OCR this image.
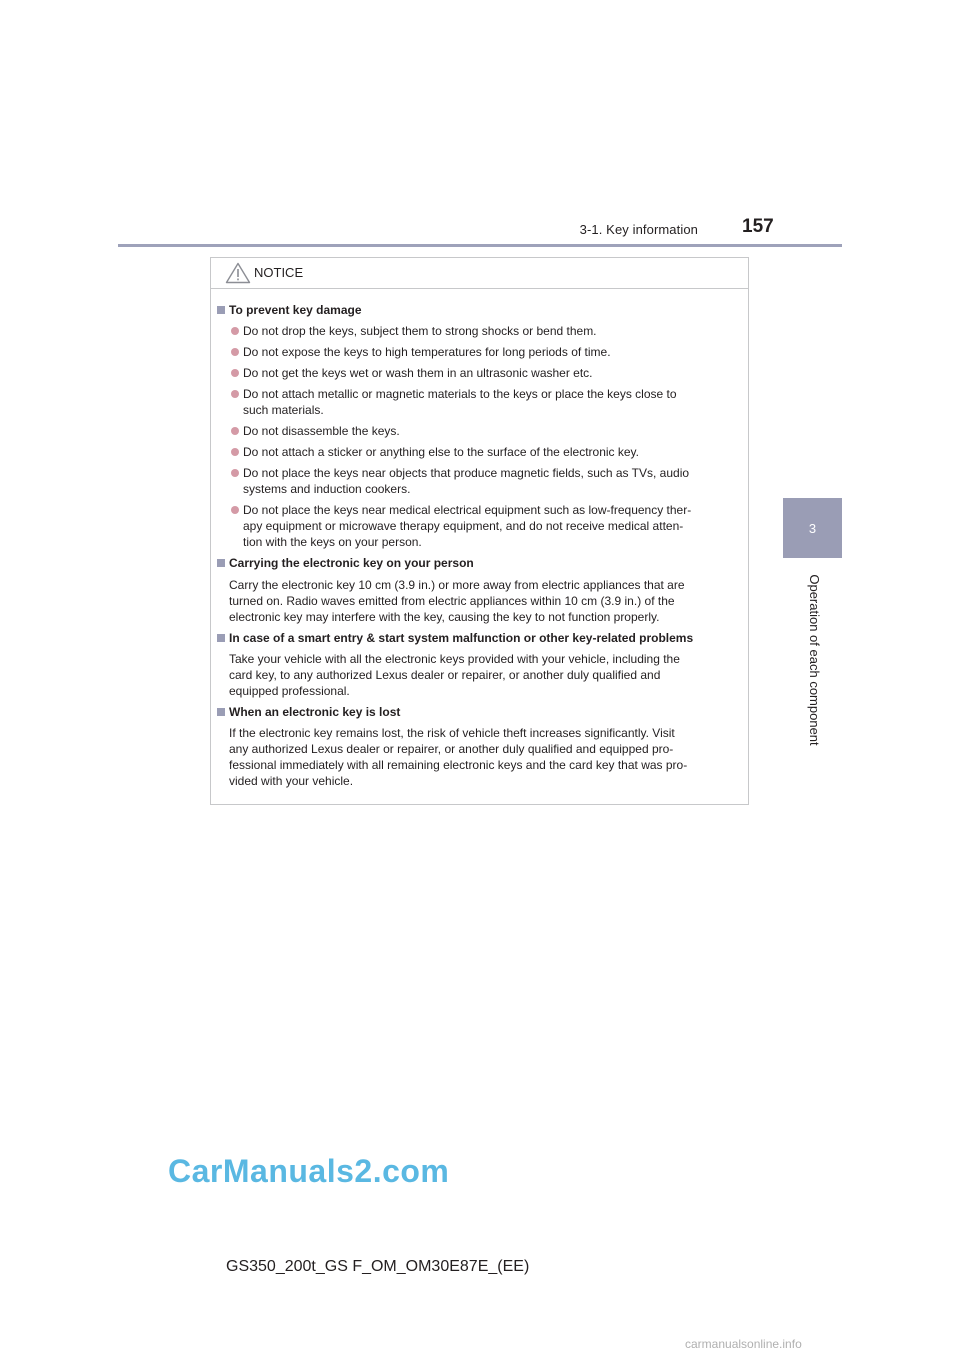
3-1. Key information 157
3
Operation of each component
NOTICE
To prevent key damage
Do not drop the keys, subject them to strong shocks or bend them.
Do not expose the keys to high temperatures for long periods of time.
Do not get the keys wet or wash them in an ultrasonic washer etc.
Do not attach metallic or magnetic materials to the keys or place the keys close to
such materials.
Do not disassemble the keys.
Do not attach a sticker or anything else to the surface of the electronic key.
Do not place the keys near objects that produce magnetic fields, such as TVs, audio
systems and induction cookers.
Do not place the keys near medical electrical equipment such as low-frequency ther-
apy equipment or microwave therapy equipment, and do not receive medical atten-
tion with the keys on your person.
Carrying the electronic key on your person
Carry the electronic key 10 cm (3.9 in.) or more away from electric appliances that are
turned on. Radio waves emitted from electric appliances within 10 cm (3.9 in.) of the
electronic key may interfere with the key, causing the key to not function properly.
In case of a smart entry & start system malfunction or other key-related problems
Take your vehicle with all the electronic keys provided with your vehicle, including the
card key, to any authorized Lexus dealer or repairer, or another duly qualified and
equipped professional.
When an electronic key is lost
If the electronic key remains lost, the risk of vehicle theft increases significantly. Visit
any authorized Lexus dealer or repairer, or another duly qualified and equipped pro-
fessional immediately with all remaining electronic keys and the card key that was pro-
vided with your vehicle.
GS350_200t_GS F_OM_OM30E87E_(EE)
CarManuals2.com
carmanualsonline.info
